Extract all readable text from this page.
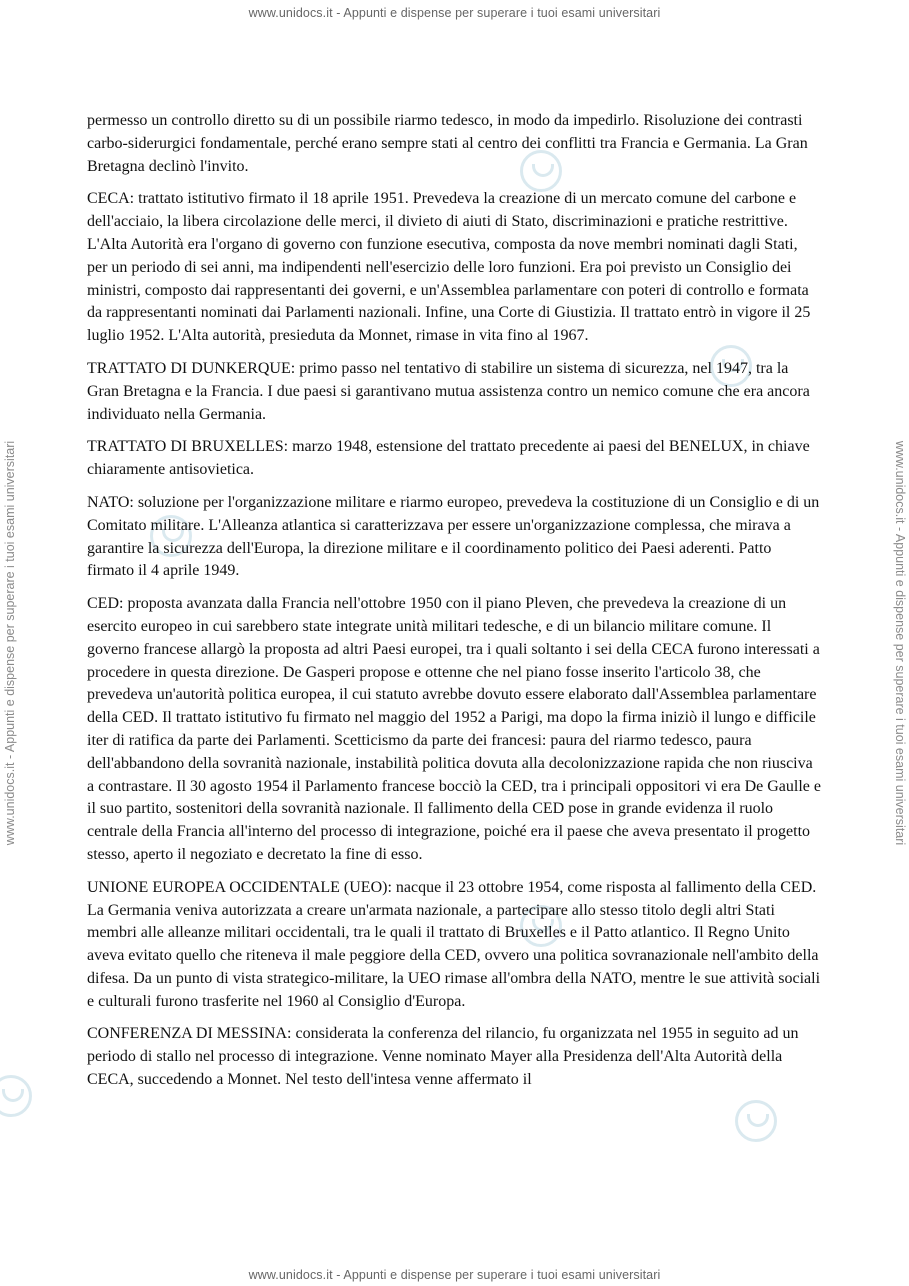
www.unidocs.it - Appunti e dispense per superare i tuoi esami universitari
www.unidocs.it - Appunti e dispense per superare i tuoi esami universitari	www.unidocs.it - Appunti e dispense per superare i tuoi esami universitari

permesso un controllo diretto su di un possibile riarmo tedesco, in modo da impedirlo. Risoluzione dei contrasti carbo-siderurgici fondamentale, perché erano sempre stati al centro dei conflitti tra Francia e Germania. La Gran Bretagna declinò l'invito.

CECA: trattato istitutivo firmato il 18 aprile 1951. Prevedeva la creazione di un mercato comune del carbone e dell'acciaio, la libera circolazione delle merci, il divieto di aiuti di Stato, discriminazioni e pratiche restrittive. L'Alta Autorità era l'organo di governo con funzione esecutiva, composta da nove membri nominati dagli Stati, per un periodo di sei anni, ma indipendenti nell'esercizio delle loro funzioni. Era poi previsto un Consiglio dei ministri, composto dai rappresentanti dei governi, e un'Assemblea parlamentare con poteri di controllo e formata da rappresentanti nominati dai Parlamenti nazionali. Infine, una Corte di Giustizia. Il trattato entrò in vigore il 25 luglio 1952. L'Alta autorità, presieduta da Monnet, rimase in vita fino al 1967.

TRATTATO DI DUNKERQUE: primo passo nel tentativo di stabilire un sistema di sicurezza, nel 1947, tra la Gran Bretagna e la Francia. I due paesi si garantivano mutua assistenza contro un nemico comune che era ancora individuato nella Germania.

TRATTATO DI BRUXELLES: marzo 1948, estensione del trattato precedente ai paesi del BENELUX, in chiave chiaramente antisovietica.

NATO: soluzione per l'organizzazione militare e riarmo europeo, prevedeva la costituzione di un Consiglio e di un Comitato militare. L'Alleanza atlantica si caratterizzava per essere un'organizzazione complessa, che mirava a garantire la sicurezza dell'Europa, la direzione militare e il coordinamento politico dei Paesi aderenti. Patto firmato il 4 aprile 1949.

CED: proposta avanzata dalla Francia nell'ottobre 1950 con il piano Pleven, che prevedeva la creazione di un esercito europeo in cui sarebbero state integrate unità militari tedesche, e di un bilancio militare comune. Il governo francese allargò la proposta ad altri Paesi europei, tra i quali soltanto i sei della CECA furono interessati a procedere in questa direzione. De Gasperi propose e ottenne che nel piano fosse inserito l'articolo 38, che prevedeva un'autorità politica europea, il cui statuto avrebbe dovuto essere elaborato dall'Assemblea parlamentare della CED. Il trattato istitutivo fu firmato nel maggio del 1952 a Parigi, ma dopo la firma iniziò il lungo e difficile iter di ratifica da parte dei Parlamenti. Scetticismo da parte dei francesi: paura del riarmo tedesco, paura dell'abbandono della sovranità nazionale, instabilità politica dovuta alla decolonizzazione rapida che non riusciva a contrastare. Il 30 agosto 1954 il Parlamento francese bocciò la CED, tra i principali oppositori vi era De Gaulle e il suo partito, sostenitori della sovranità nazionale. Il fallimento della CED pose in grande evidenza il ruolo centrale della Francia all'interno del processo di integrazione, poiché era il paese che aveva presentato il progetto stesso, aperto il negoziato e decretato la fine di esso.

UNIONE EUROPEA OCCIDENTALE (UEO): nacque il 23 ottobre 1954, come risposta al fallimento della CED. La Germania veniva autorizzata a creare un'armata nazionale, a partecipare allo stesso titolo degli altri Stati membri alle alleanze militari occidentali, tra le quali il trattato di Bruxelles e il Patto atlantico. Il Regno Unito aveva evitato quello che riteneva il male peggiore della CED, ovvero una politica sovranazionale nell'ambito della difesa. Da un punto di vista strategico-militare, la UEO rimase all'ombra della NATO, mentre le sue attività sociali e culturali furono trasferite nel 1960 al Consiglio d'Europa.

CONFERENZA DI MESSINA: considerata la conferenza del rilancio, fu organizzata nel 1955 in seguito ad un periodo di stallo nel processo di integrazione. Venne nominato Mayer alla Presidenza dell'Alta Autorità della CECA, succedendo a Monnet. Nel testo dell'intesa venne affermato il

www.unidocs.it - Appunti e dispense per superare i tuoi esami universitari
